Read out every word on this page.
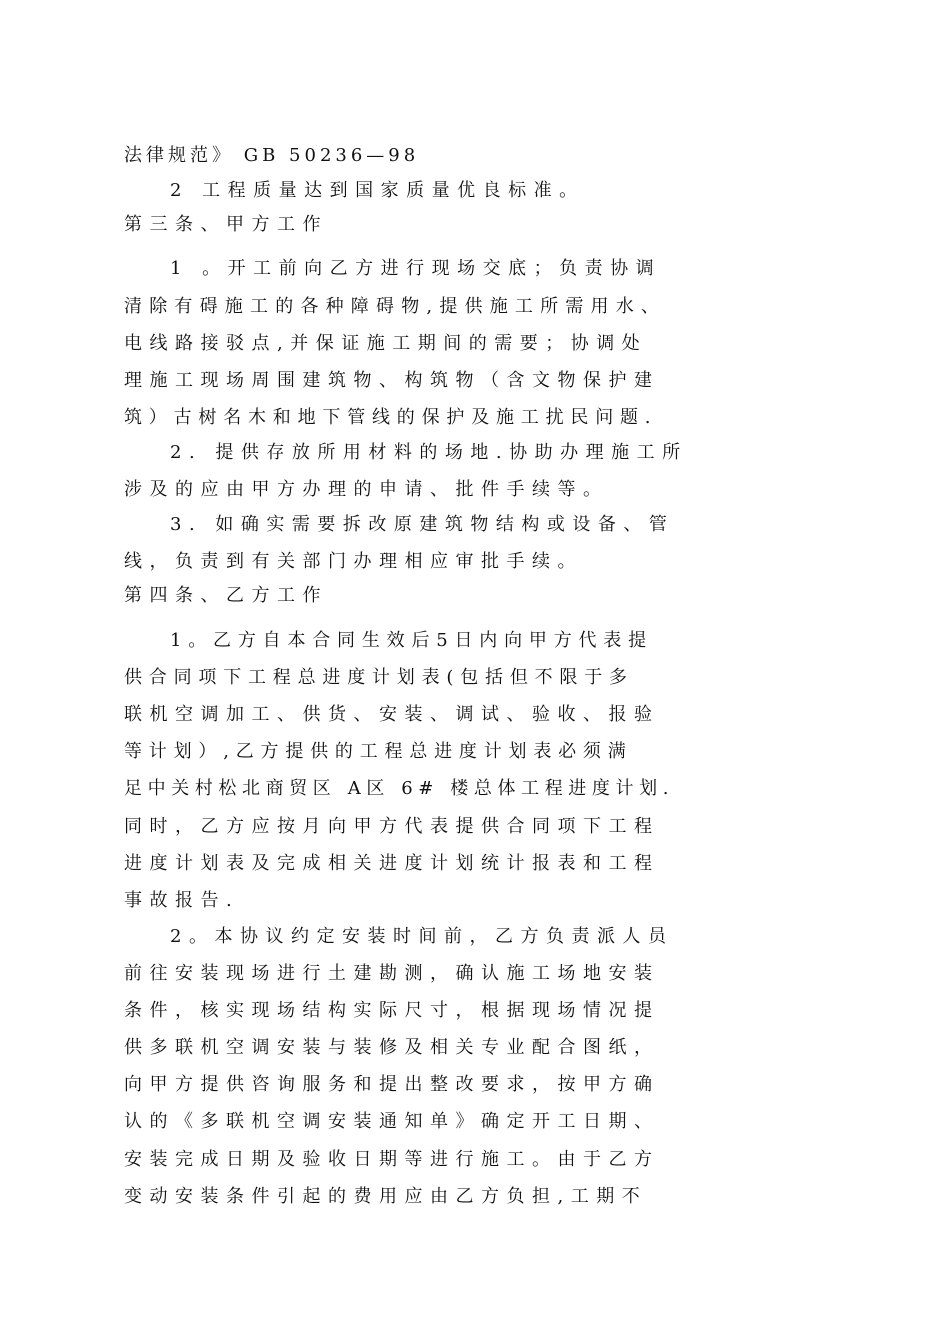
法律规范》 GB 50236—98

2 工程质量达到国家质量优良标准。

第三条、甲方工作

1 。开工前向乙方进行现场交底；负责协调

清除有碍施工的各种障碍物,提供施工所需用水、

电线路接驳点,并保证施工期间的需要；协调处

理施工现场周围建筑物、构筑物（含文物保护建

筑）古树名木和地下管线的保护及施工扰民问题.

2. 提供存放所用材料的场地.协助办理施工所

涉及的应由甲方办理的申请、批件手续等。

3. 如确实需要拆改原建筑物结构或设备、管

线，负责到有关部门办理相应审批手续。

第四条、乙方工作

1。乙方自本合同生效后5日内向甲方代表提

供合同项下工程总进度计划表(包括但不限于多

联机空调加工、供货、安装、调试、验收、报验

等计划）,乙方提供的工程总进度计划表必须满

足中关村松北商贸区 A区 6# 楼总体工程进度计划.

同时，乙方应按月向甲方代表提供合同项下工程

进度计划表及完成相关进度计划统计报表和工程

事故报告.

2。本协议约定安装时间前，乙方负责派人员

前往安装现场进行土建勘测，确认施工场地安装

条件，核实现场结构实际尺寸，根据现场情况提

供多联机空调安装与装修及相关专业配合图纸，

向甲方提供咨询服务和提出整改要求，按甲方确

认的《多联机空调安装通知单》确定开工日期、

安装完成日期及验收日期等进行施工。由于乙方

变动安装条件引起的费用应由乙方负担,工期不
